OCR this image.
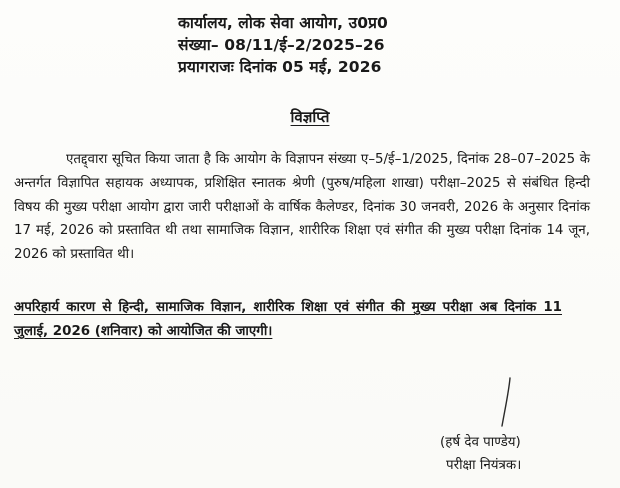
कार्यालय, लोक सेवा आयोग, उ0प्र0
संख्या– 08/11/ई–2/2025–26
प्रयागराजः दिनांक 05 मई, 2026
विज्ञप्ति
एतद्द्वारा सूचित किया जाता है कि आयोग के विज्ञापन संख्या ए–5/ई–1/2025, दिनांक 28–07–2025 के अन्तर्गत विज्ञापित सहायक अध्यापक, प्रशिक्षित स्नातक श्रेणी (पुरुष/महिला शाखा) परीक्षा–2025 से संबंधित हिन्दी विषय की मुख्य परीक्षा आयोग द्वारा जारी परीक्षाओं के वार्षिक कैलेण्डर, दिनांक 30 जनवरी, 2026 के अनुसार दिनांक 17 मई, 2026 को प्रस्तावित थी तथा सामाजिक विज्ञान, शारीरिक शिक्षा एवं संगीत की मुख्य परीक्षा दिनांक 14 जून, 2026 को प्रस्तावित थी।
अपरिहार्य कारण से हिन्दी, सामाजिक विज्ञान, शारीरिक शिक्षा एवं संगीत की मुख्य परीक्षा अब दिनांक 11 जुलाई, 2026 (शनिवार) को आयोजित की जाएगी।
(हर्ष देव पाण्डेय)
परीक्षा नियंत्रक।
